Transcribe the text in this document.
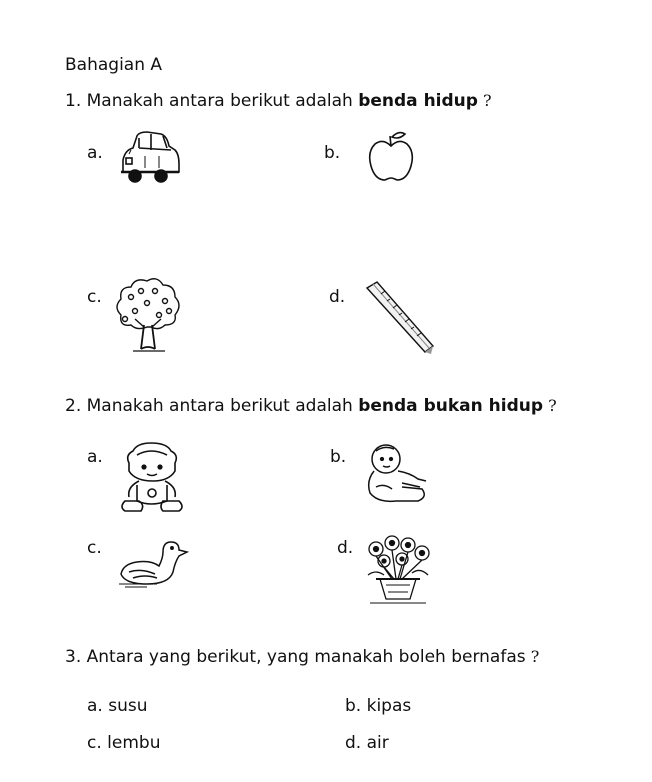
Bahagian A
1. Manakah antara berikut adalah benda hidup ?
a.	b.
c.	d.
2. Manakah antara berikut adalah benda bukan hidup ?
a.	b.
c.	d.
3. Antara yang berikut, yang manakah boleh bernafas ?
a. susu	b. kipas
c. lembu	d. air
